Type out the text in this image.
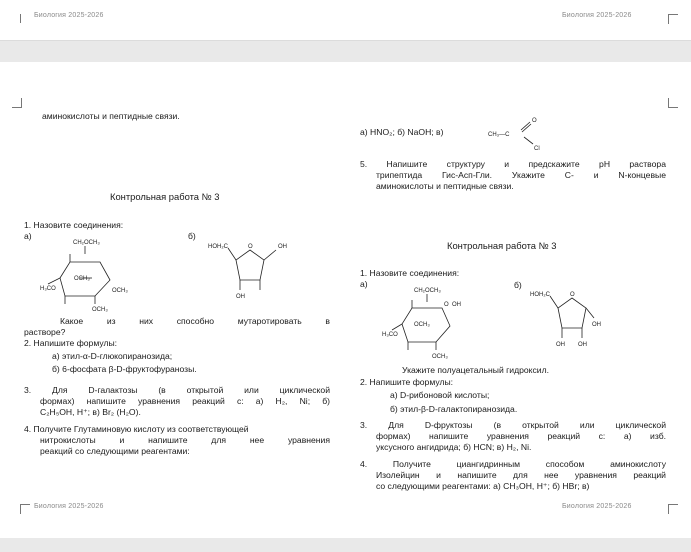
Биология 2025-2026	Биология 2025-2026
аминокислоты и пептидные связи.
Контрольная работа № 3
1. Назовите соединения:
а)	б)
CH₂OCH₃
OCH₃
H₃CO	OCH₃
OCH₃
HOH₂C	O	OH
OH
Какое из них способно мутаротировать в
растворе?
2. Напишите формулы:
а) этил-α-D-глюкопиранозида;
б) 6-фосфата β-D-фруктофуранозы.
3. Для D-галактозы (в открытой или циклической
формах) напишите уравнения реакций с: а) H₂, Ni; б)
C₂H₅OH, H⁺; в) Br₂ (H₂O).
4. Получите Глутаминовую кислоту из соответствующей
нитрокислоты и напишите для нее уравнения
реакций со следующими реагентами:
а) HNO₂; б) NaOH; в)	CH₃—C
O
Cl
5. Напишите структуру и предскажите pH раствора
трипептида Гис-Асп-Гли. Укажите C- и N-концевые
аминокислоты и пептидные связи.
Контрольная работа № 3
1. Назовите соединения:
а)	б)
CH₂OCH₃
O OH
OCH₃
H₃CO
OCH₃
HOH₂C	O
OH
OH OH
Укажите полуацетальный гидроксил.
2. Напишите формулы:
а) D-рибоновой кислоты;
б) этил-β-D-галактопиранозида.
3. Для D-фруктозы (в открытой или циклической
формах) напишите уравнения реакций с: а) изб.
уксусного ангидрида; б) HCN; в) H₂, Ni.
4. Получите циангидринным способом аминокислоту
Изолейцин и напишите для нее уравнения реакций
со следующими реагентами: а) CH₃OH, H⁺; б) HBr; в)
Биология 2025-2026	Биология 2025-2026
